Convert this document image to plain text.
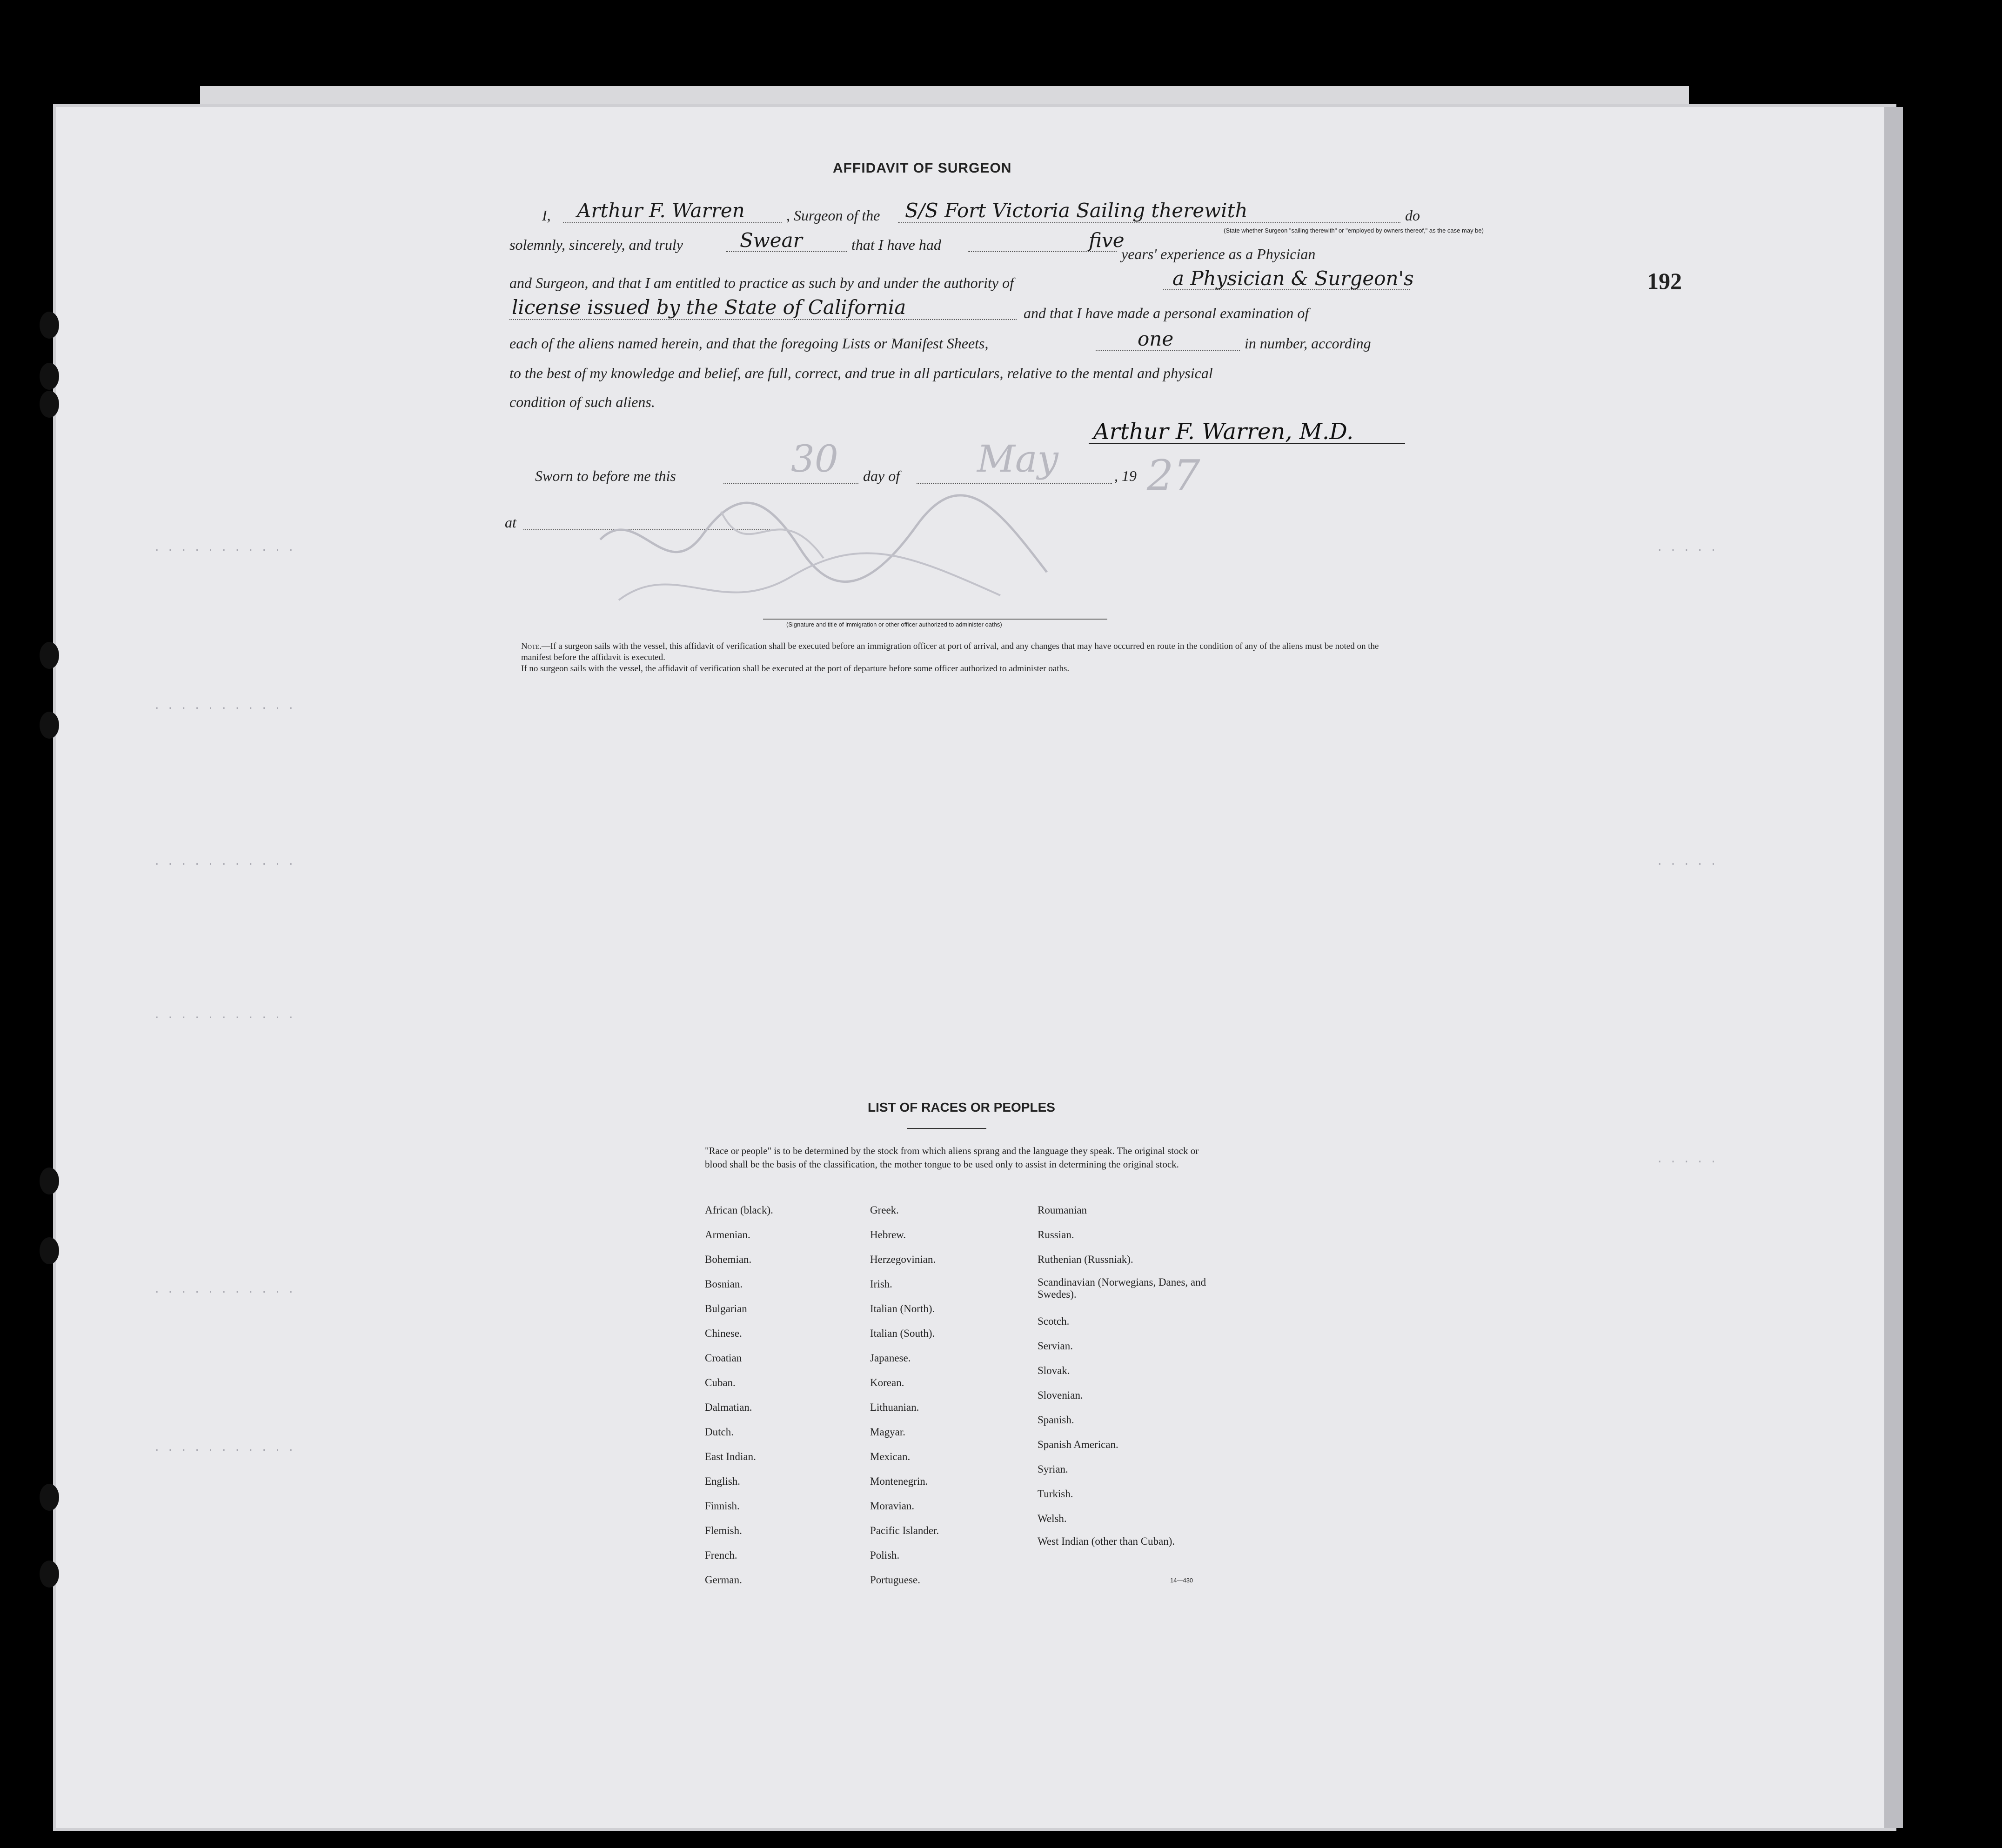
192
. . . . . . . . . . .
. . . . . . . . . . .
. . . . . . . . . . .
. . . . . . . . . . .
. . . . . . . . . . .
. . . . . . . . . . .
. . . . .
. . . . .
. . . . .
AFFIDAVIT OF SURGEON
I, Arthur F. Warren	, Surgeon of the S/S Fort Victoria Sailing therewith	do
(State whether Surgeon "sailing therewith" or "employed by owners thereof," as the case may be)
solemnly, sincerely, and truly	Swear	that I have had	five
years' experience as a Physician
and Surgeon, and that I am entitled to practice as such by and under the authority of	a Physician & Surgeon's
license issued by the State of California	and that I have made a personal examination of
each of the aliens named herein, and that the foregoing Lists or Manifest Sheets,	one	in number, according
to the best of my knowledge and belief, are full, correct, and true in all particulars, relative to the mental and physical
condition of such aliens.
Arthur F. Warren, M.D.
Sworn to before me this	30 day of May	, 19 27
at
(Signature and title of immigration or other officer authorized to administer oaths)
Note.—If a surgeon sails with the vessel, this affidavit of verification shall be executed before an immigration officer at port of arrival, and any changes that may have occurred en route in the condition of any of the aliens must be noted on the manifest before the affidavit is executed.
If no surgeon sails with the vessel, the affidavit of verification shall be executed at the port of departure before some officer authorized to administer oaths.
LIST OF RACES OR PEOPLES
"Race or people" is to be determined by the stock from which aliens sprang and the language they speak. The original stock or blood shall be the basis of the classification, the mother tongue to be used only to assist in determining the original stock.
African (black).
Armenian.
Bohemian.
Bosnian.
Bulgarian
Chinese.
Croatian
Cuban.
Dalmatian.
Dutch.
East Indian.
English.
Finnish.
Flemish.
French.
German.
Greek.
Hebrew.
Herzegovinian.
Irish.
Italian (North).
Italian (South).
Japanese.
Korean.
Lithuanian.
Magyar.
Mexican.
Montenegrin.
Moravian.
Pacific Islander.
Polish.
Portuguese.
Roumanian
Russian.
Ruthenian (Russniak).
Scandinavian (Norwegians, Danes, and Swedes).
Scotch.
Servian.
Slovak.
Slovenian.
Spanish.
Spanish American.
Syrian.
Turkish.
Welsh.
West Indian (other than Cuban).
14—430
